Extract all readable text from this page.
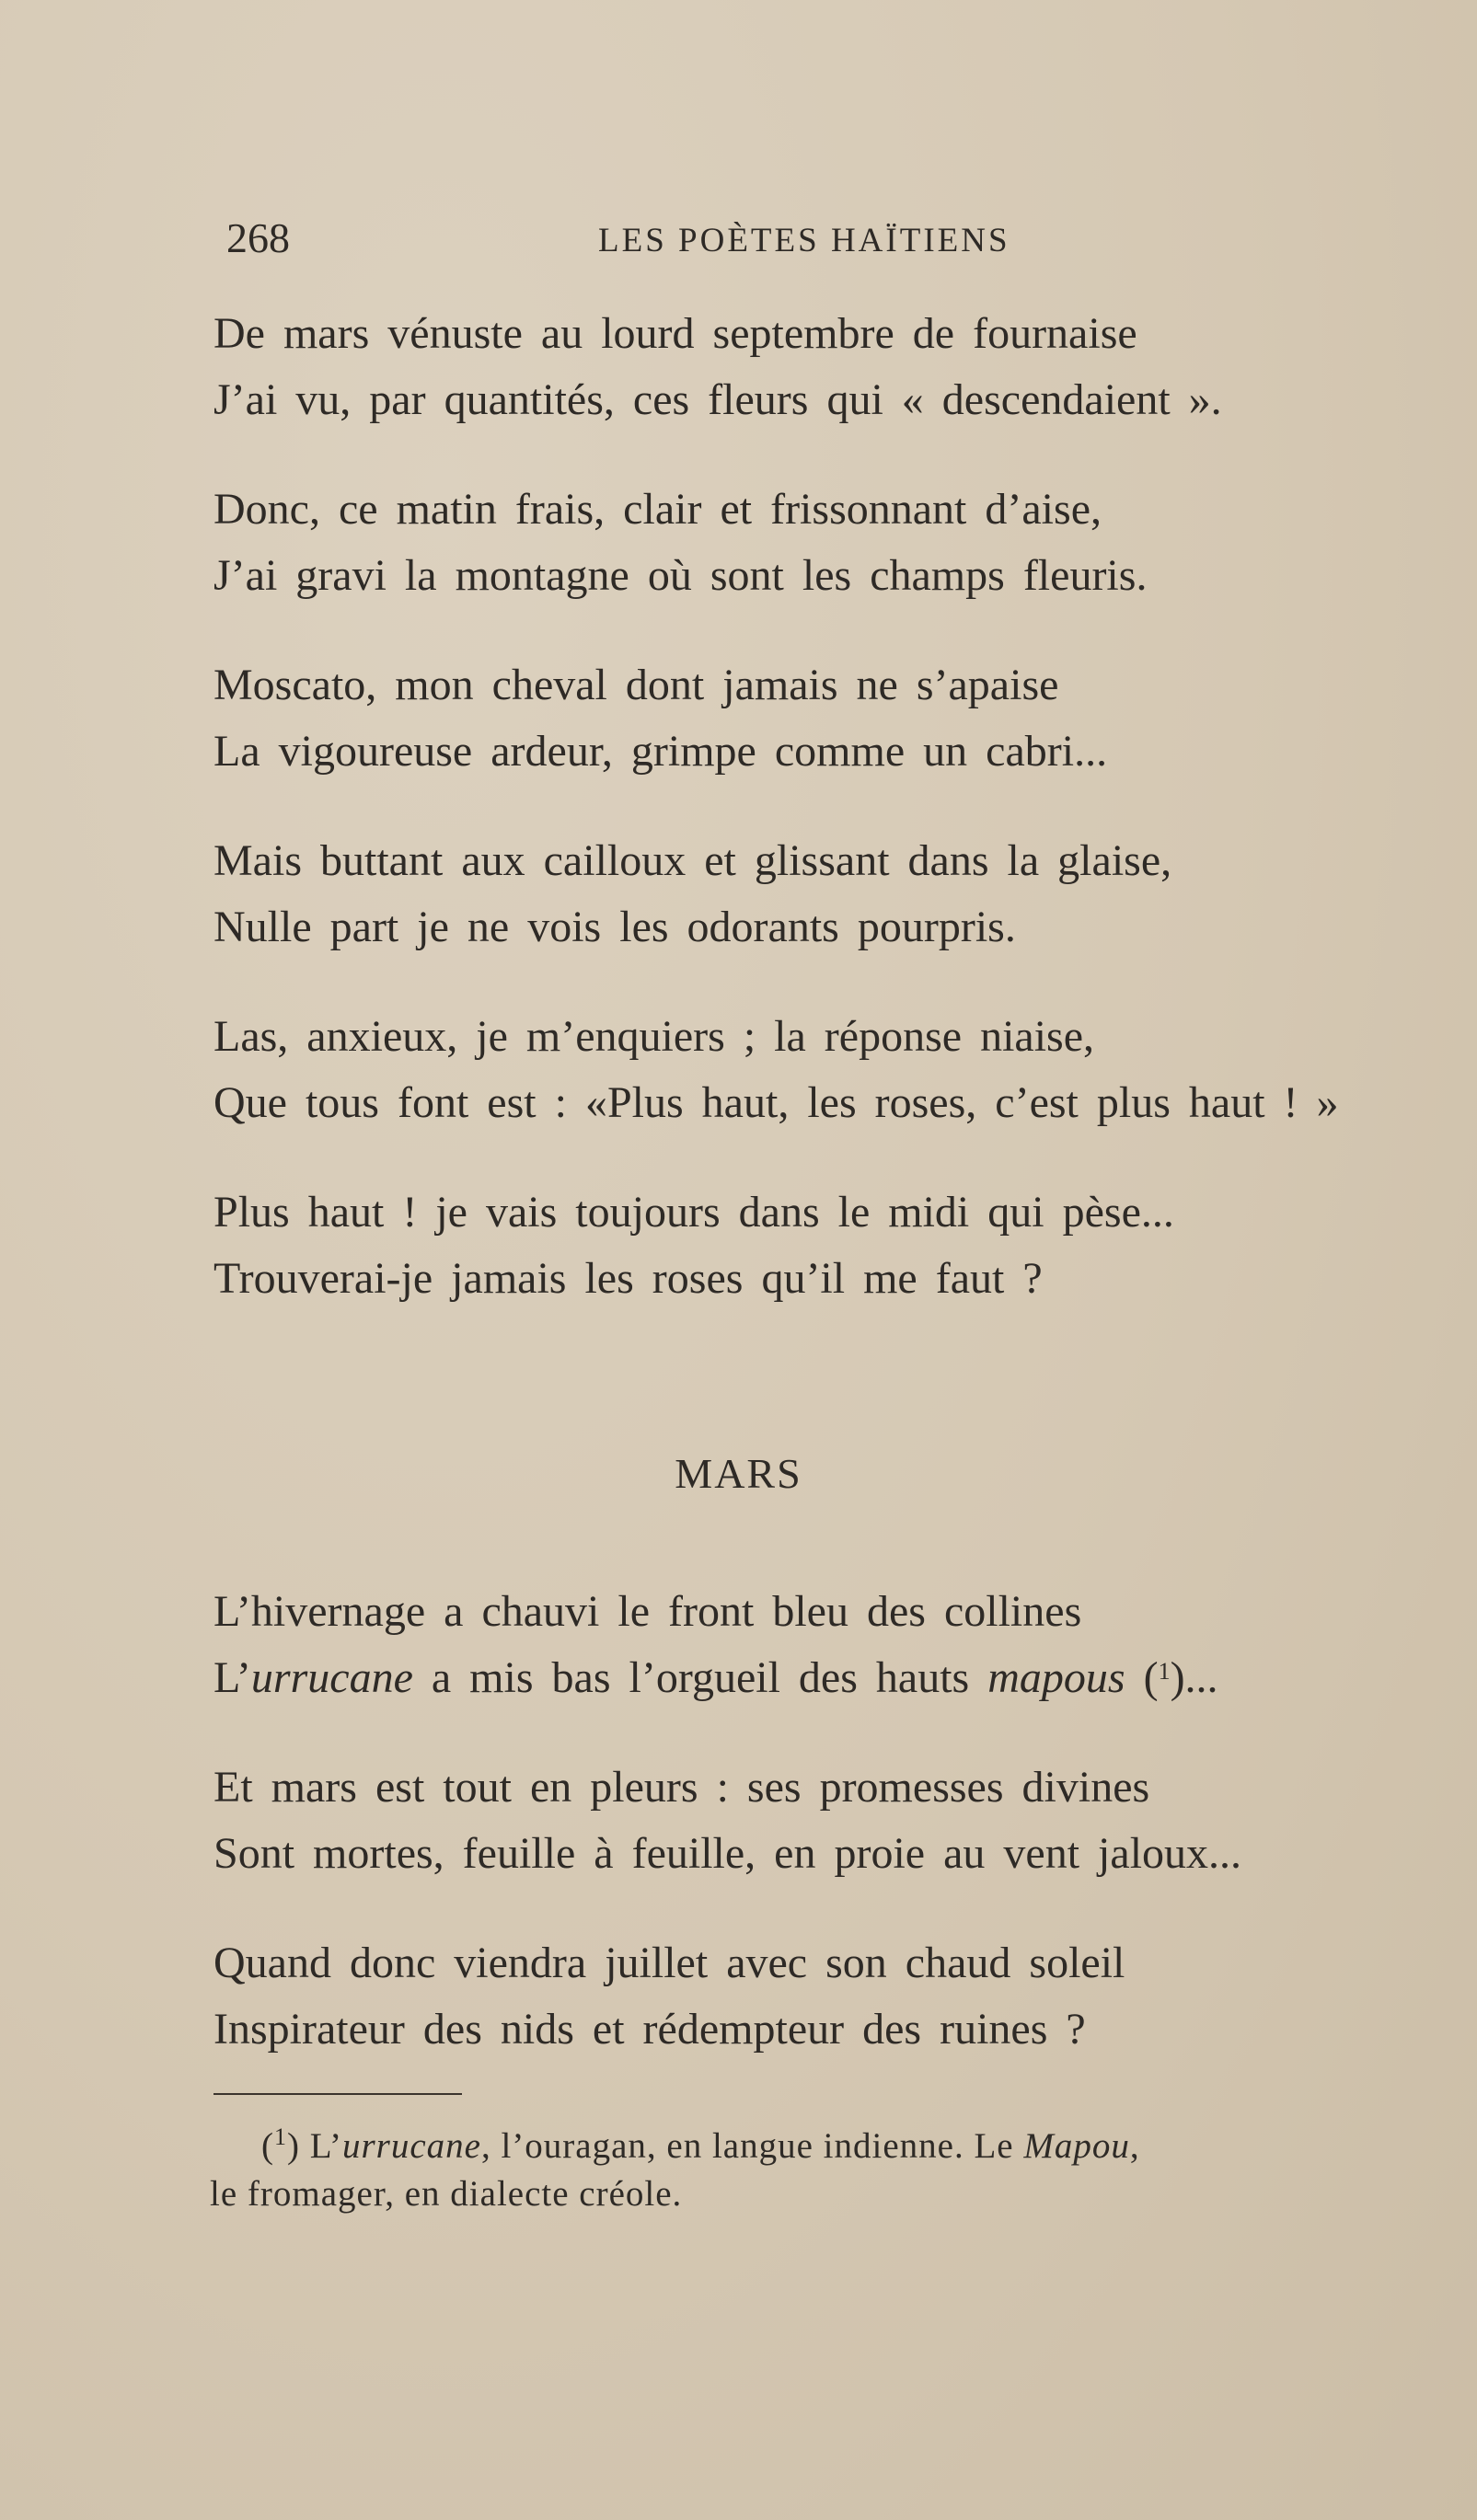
268	LES POÈTES HAÏTIENS
De mars vénuste au lourd septembre de fournaise
J’ai vu, par quantités, ces fleurs qui « descendaient ».
Donc, ce matin frais, clair et frissonnant d’aise,
J’ai gravi la montagne où sont les champs fleuris.
Moscato, mon cheval dont jamais ne s’apaise
La vigoureuse ardeur, grimpe comme un cabri...
Mais buttant aux cailloux et glissant dans la glaise,
Nulle part je ne vois les odorants pourpris.
Las, anxieux, je m’enquiers ; la réponse niaise,
Que tous font est : «Plus haut, les roses, c’est plus haut ! »
Plus haut ! je vais toujours dans le midi qui pèse...
Trouverai-je jamais les roses qu’il me faut ?
MARS
L’hivernage a chauvi le front bleu des collines
L’urrucane a mis bas l’orgueil des hauts mapous ($^1$)...
Et mars est tout en pleurs : ses promesses divines
Sont mortes, feuille à feuille, en proie au vent jaloux...
Quand donc viendra juillet avec son chaud soleil
Inspirateur des nids et rédempteur des ruines ?
($^1$) L’urrucane, l’ouragan, en langue indienne. Le Mapou,
le fromager, en dialecte créole.
